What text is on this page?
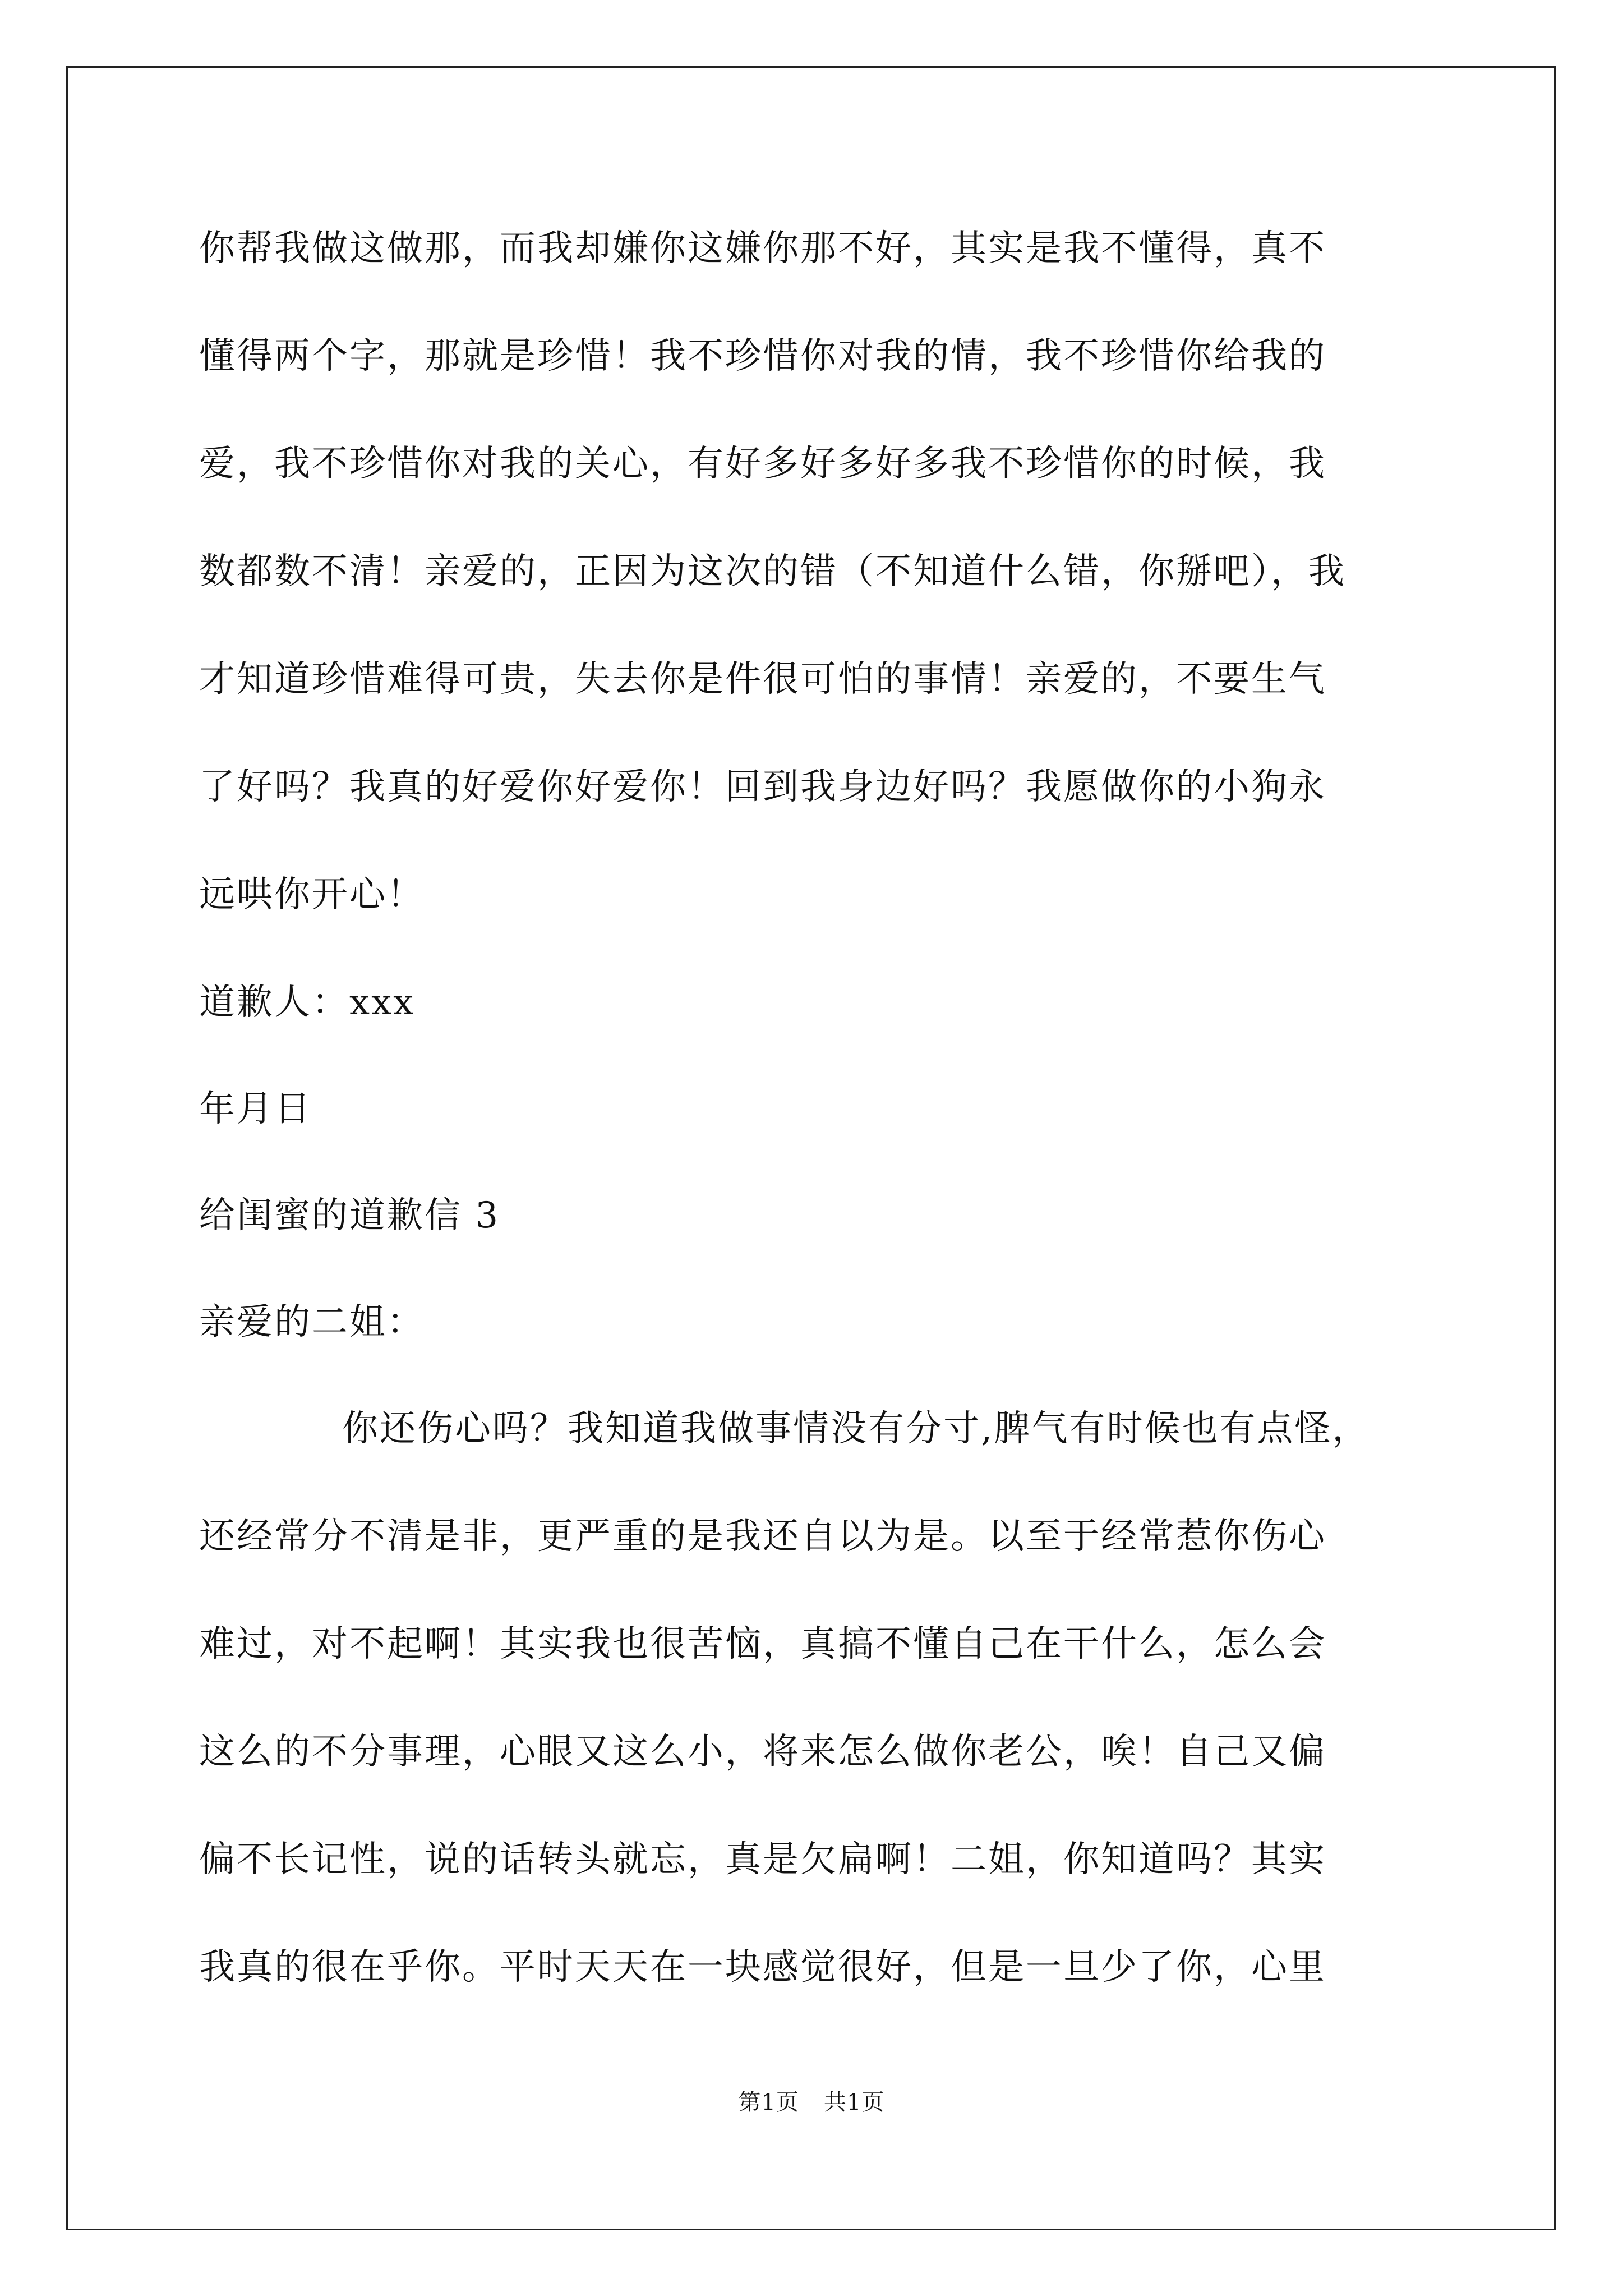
你帮我做这做那，而我却嫌你这嫌你那不好，其实是我不懂得，真不
懂得两个字，那就是珍惜！我不珍惜你对我的情，我不珍惜你给我的
爱，我不珍惜你对我的关心，有好多好多好多我不珍惜你的时候，我
数都数不清！亲爱的，正因为这次的错（不知道什么错，你掰吧），我
才知道珍惜难得可贵，失去你是件很可怕的事情！亲爱的，不要生气
了好吗？我真的好爱你好爱你！回到我身边好吗？我愿做你的小狗永
远哄你开心！
道歉人：xxx
年月日
给闺蜜的道歉信 3
亲爱的二姐：
你还伤心吗？我知道我做事情没有分寸,脾气有时候也有点怪，
还经常分不清是非，更严重的是我还自以为是。以至于经常惹你伤心
难过，对不起啊！其实我也很苦恼，真搞不懂自己在干什么，怎么会
这么的不分事理，心眼又这么小，将来怎么做你老公，唉！自己又偏
偏不长记性，说的话转头就忘，真是欠扁啊！二姐，你知道吗？其实
我真的很在乎你。平时天天在一块感觉很好，但是一旦少了你，心里
第1页 共1页
